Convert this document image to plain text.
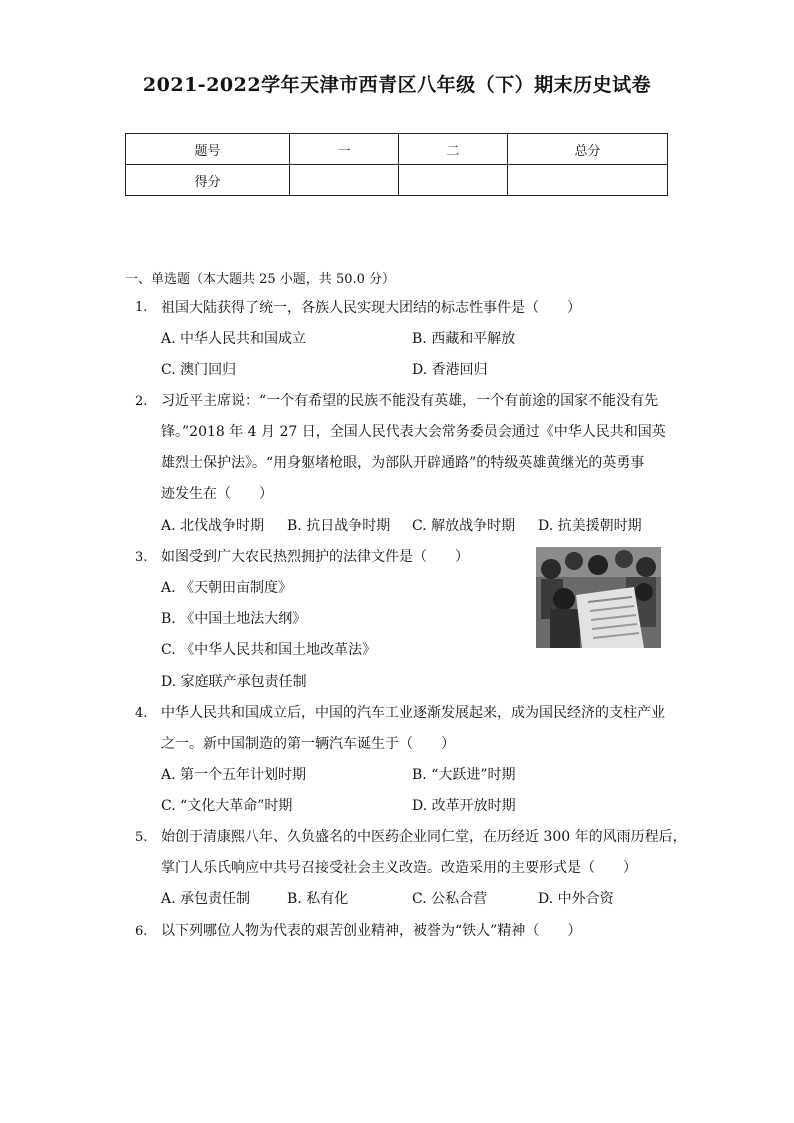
2021-2022学年天津市西青区八年级（下）期末历史试卷
题号	一	二	总分
得分			
一、单选题（本大题共 25 小题，共 50.0 分）
1. 祖国大陆获得了统一，各族人民实现大团结的标志性事件是（　　）
A. 中华人民共和国成立	B. 西藏和平解放
C. 澳门回归	D. 香港回归
2. 习近平主席说：“一个有希望的民族不能没有英雄，一个有前途的国家不能没有先
锋。”2018 年 4 月 27 日，全国人民代表大会常务委员会通过《中华人民共和国英
雄烈士保护法》。“用身躯堵枪眼，为部队开辟通路”的特级英雄黄继光的英勇事
迹发生在（　　）
A. 北伐战争时期 B. 抗日战争时期 C. 解放战争时期 D. 抗美援朝时期
3. 如图受到广大农民热烈拥护的法律文件是（　　）
A. 《天朝田亩制度》
B. 《中国土地法大纲》
C. 《中华人民共和国土地改革法》
D. 家庭联产承包责任制
4. 中华人民共和国成立后，中国的汽车工业逐渐发展起来，成为国民经济的支柱产业
之一。新中国制造的第一辆汽车诞生于（　　）
A. 第一个五年计划时期	B. “大跃进”时期
C. “文化大革命”时期	D. 改革开放时期
5. 始创于清康熙八年、久负盛名的中医药企业同仁堂，在历经近 300 年的风雨历程后，
掌门人乐氏响应中共号召接受社会主义改造。改造采用的主要形式是（　　）
A. 承包责任制	B. 私有化	C. 公私合营	D. 中外合资
6. 以下列哪位人物为代表的艰苦创业精神，被誉为“铁人”精神（　　）
